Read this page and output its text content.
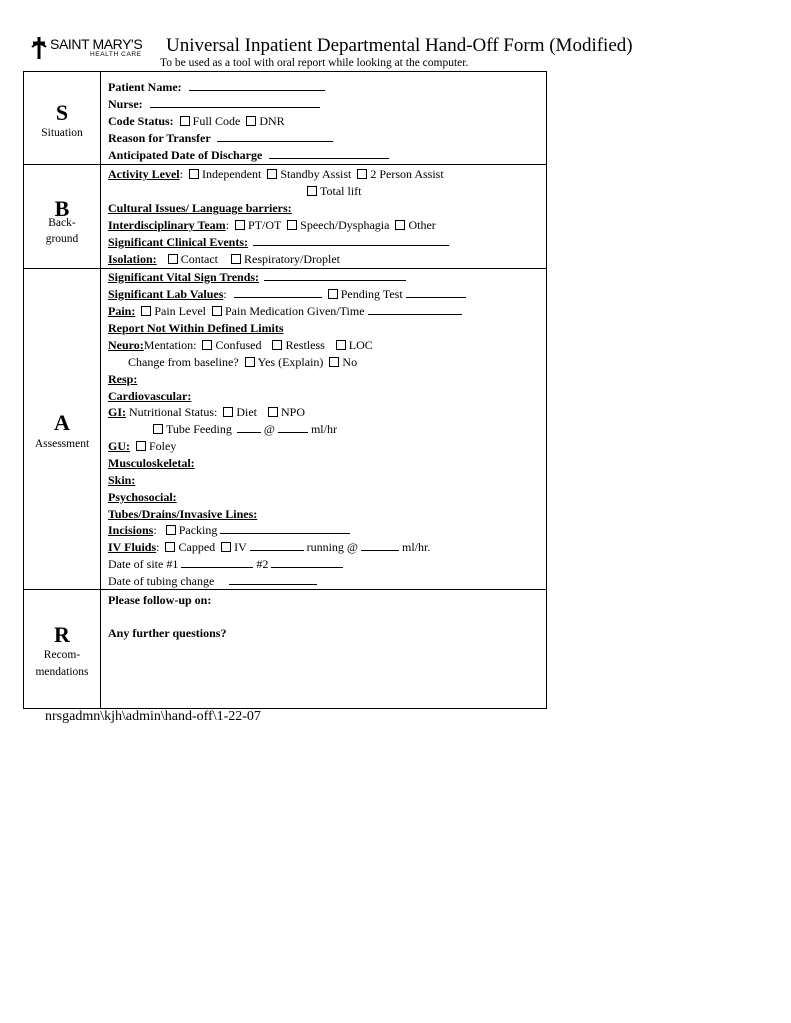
SAINT MARY'S
HEALTH CARE Universal Inpatient Departmental Hand-Off Form (Modified)
To be used as a tool with oral report while looking at the computer.
S
Situation
Patient Name:
Nurse:
Code Status: Full Code DNR
Reason for Transfer
Anticipated Date of Discharge
B
Back-
ground
Activity Level: Independent Standby Assist 2 Person Assist
Total lift
Cultural Issues/ Language barriers:
Interdisciplinary Team: PT/OT Speech/Dysphagia Other
Significant Clinical Events:
Isolation: Contact Respiratory/Droplet
A
Assessment
Significant Vital Sign Trends:
Significant Lab Values:	Pending Test
Pain: Pain Level Pain Medication Given/Time
Report Not Within Defined Limits
Neuro:Mentation: Confused Restless LOC
Change from baseline? Yes (Explain) No
Resp:
Cardiovascular:
GI: Nutritional Status: Diet NPO
Tube Feeding	@	ml/hr
GU: Foley
Musculoskeletal:
Skin:
Psychosocial:
Tubes/Drains/Invasive Lines:
Incisions: Packing
IV Fluids: Capped IV	running @	ml/hr.
Date of site #1	#2
Date of tubing change
R
Recom-
mendations
Please follow-up on:
Any further questions?
nrsgadmn\kjh\admin\hand-off\1-22-07
